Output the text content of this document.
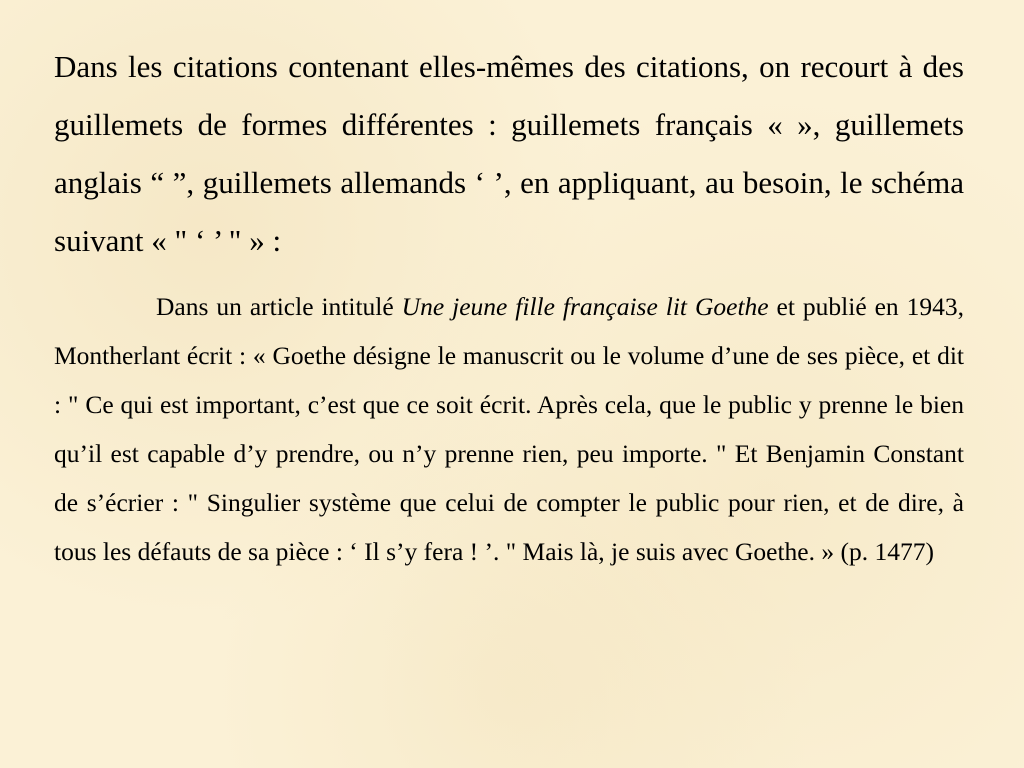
Dans les citations contenant elles-mêmes des citations, on recourt à des guillemets de formes différentes : guillemets français « », guillemets anglais “ ”, guillemets allemands ‘ ’, en appliquant, au besoin, le schéma suivant « " ‘ ’ " » :

Dans un article intitulé Une jeune fille française lit Goethe et publié en 1943, Montherlant écrit : « Goethe désigne le manuscrit ou le volume d’une de ses pièce, et dit : " Ce qui est important, c’est que ce soit écrit. Après cela, que le public y prenne le bien qu’il est capable d’y prendre, ou n’y prenne rien, peu importe. " Et Benjamin Constant de s’écrier : " Singulier système que celui de compter le public pour rien, et de dire, à tous les défauts de sa pièce : ‘ Il s’y fera ! ’. " Mais là, je suis avec Goethe. » (p. 1477)
